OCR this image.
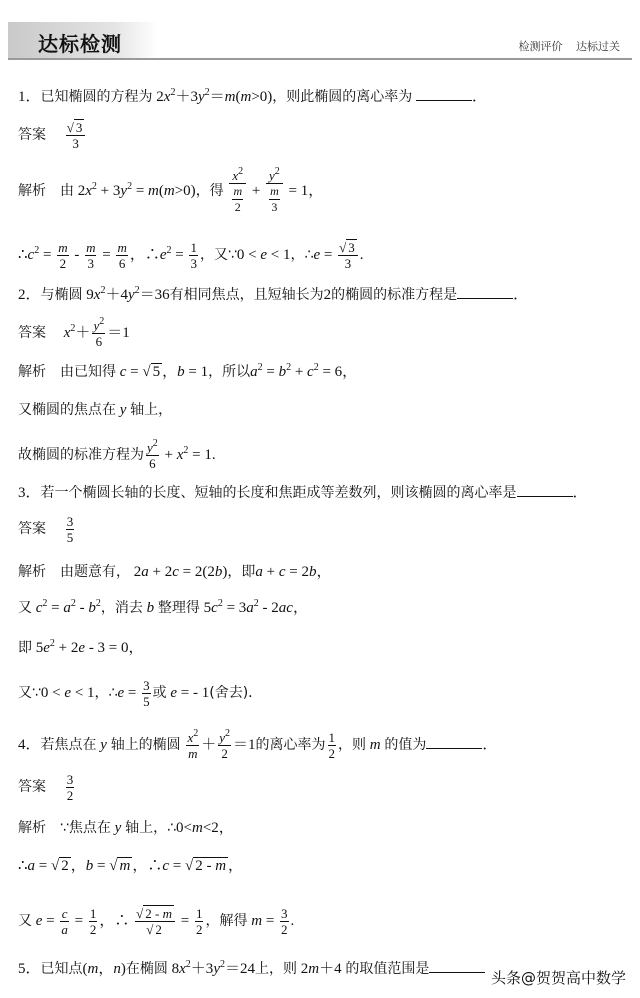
达标检测	检测评价 达标过关
1．已知椭圆的方程为 $2x^2+3y^2=m(m>0)$，则此椭圆的离心率为	．
答案 $\frac{√ 3}{3}$
解析 由 $2x^2 + 3y^2 = m(m>0)$，得 $\frac{x^2}{\frac{m}{2}} + \frac{y^2}{\frac{m}{3}} = 1$，
$\therefore c^2 = \frac{m}{2} - \frac{m}{3} = \frac{m}{6}$ ，$\therefore e^2 = \frac{1}{3}$ ，又∵0 < e < 1，∴e = $\frac{√ 3}{3}$ .
2．与椭圆 $9x^2+4y^2=36$有相同焦点，且短轴长为2的椭圆的标准方程是	．
答案 $x^2+ \frac{y^2}{6} =1$
解析 由已知得 c = √ 5 ，b = 1，所以$a^2 = b^2 + c^2 = 6$，
又椭圆的焦点在 y 轴上，
故椭圆的标准方程为 $\frac{y^2}{6} + x^2 = 1$.
3．若一个椭圆长轴的长度、短轴的长度和焦距成等差数列，则该椭圆的离心率是	．
答案 $\frac{3}{5}$
解析 由题意有， 2a + 2c = 2(2b)，即a + c = 2b，
又 $c^2 = a^2 - b^2$，消去 b 整理得 $5c^2 = 3a^2 - 2ac$，
即 $5e^2 + 2e - 3 = 0$，
又∵0 < e < 1，∴e = $\frac{3}{5}$ 或 e = - 1(舍去)．
4．若焦点在 y 轴上的椭圆 $\frac{x^2}{m} + \frac{y^2}{2} =1$的离心率为 $\frac{1}{2}$ ，则 m 的值为	．
答案 $\frac{3}{2}$
解析 ∵焦点在 y 轴上，∴0<m<2，
∴a = √ 2 ，b = √ m ，∴c = √ 2 - m ，
又 $e = \frac{c}{a} = \frac{1}{2}$ ，∴ $\frac{√ 2 - m}{√ 2} = \frac{1}{2}$ ，解得 $m = \frac{3}{2}$ .
5．已知点(m，n)在椭圆 $8x^2+3y^2=24$上，则 2m＋4 的取值范围是	头条@贺贺高中数学
